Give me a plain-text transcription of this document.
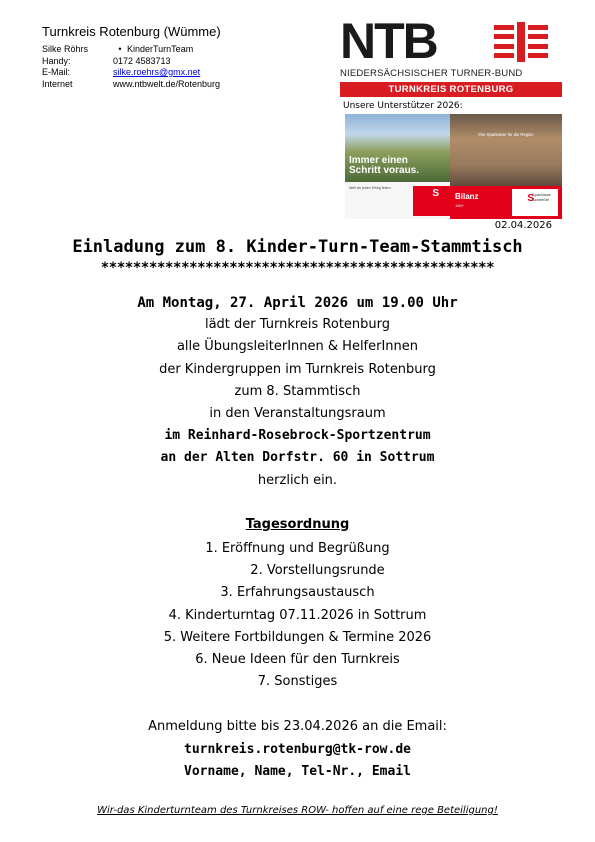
Turnkreis Rotenburg (Wümme)
Silke Röhrs	• KinderTurnTeam
Handy:	0172 4583713
E-Mail:	silke.roehrs@gmx.net
Internet	www.ntbwelt.de/Rotenburg
NTB
NIEDERSÄCHSISCHER TURNER-BUND
TURNKREIS ROTENBURG
Unsere Unterstützer 2026:
Immer einen
Schritt voraus.
Weil wir jeden Erfolg feiern.	S
Ihre Sparkasse für die Region
Bilanz
150+
S
Sparkasse Scheeßel
02.04.2026
Einladung zum 8. Kinder-Turn-Team-Stammtisch
*************************************************
Am Montag, 27. April 2026 um 19.00 Uhr
lädt der Turnkreis Rotenburg
alle ÜbungsleiterInnen & HelferInnen
der Kindergruppen im Turnkreis Rotenburg
zum 8. Stammtisch
in den Veranstaltungsraum
im Reinhard-Rosebrock-Sportzentrum
an der Alten Dorfstr. 60 in Sottrum
herzlich ein.
Tagesordnung
1. Eröffnung und Begrüßung
2. Vorstellungsrunde
3. Erfahrungsaustausch
4. Kinderturntag 07.11.2026 in Sottrum
5. Weitere Fortbildungen & Termine 2026
6. Neue Ideen für den Turnkreis
7. Sonstiges
Anmeldung bitte bis 23.04.2026 an die Email:
turnkreis.rotenburg@tk-row.de
Vorname, Name, Tel-Nr., Email
Wir-das Kinderturnteam des Turnkreises ROW- hoffen auf eine rege Beteiligung!
